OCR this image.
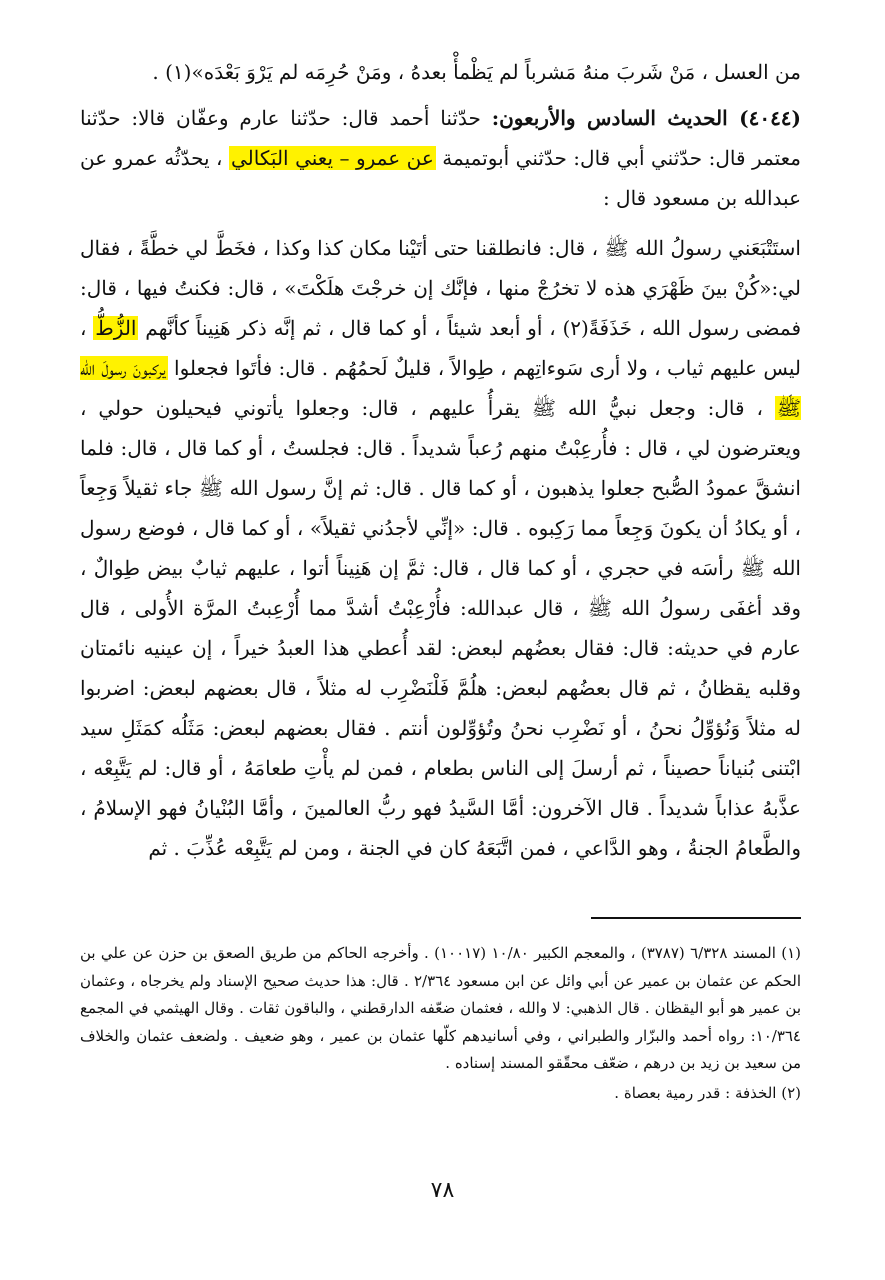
من العسل ، مَنْ شَربَ منهُ مَشرباً لم يَظْمأْ بعدهُ ، ومَنْ حُرِمَه لم يَرْوَ بَعْدَه»(١) .

(٤٠٤٤) الحديث السادس والأربعون: حدّثنا أحمد قال: حدّثنا عارم وعفّان قالا: حدّثنا معتمر قال: حدّثني أبي قال: حدّثني أبوتميمة عن عمرو – يعني البَكالي ، يحدّثُه عمرو عن عبدالله بن مسعود قال :

استَتْبَعَني رسولُ الله ﷺ ، قال: فانطلقنا حتى أتَيْنا مكان كذا وكذا ، فخَطَّ لي خطَّةً ، فقال لي:«كُنْ بينَ ظَهْرَي هذه لا تخرُجْ منها ، فإنَّك إن خرجْتَ هلَكْتَ» ، قال: فكنتُ فيها ، قال: فمضى رسول الله ، خَذَفَةً(٢) ، أو أبعد شيئاً ، أو كما قال ، ثم إنَّه ذكر هَنِيناً كأنَّهم الزُّطُّ ، ليس عليهم ثياب ، ولا أرى سَوءاتِهم ، طِوالاً ، قليلٌ لَحمُهُم . قال: فأتَوا فجعلوا يركبونَ رسولَ الله ﷺ ، قال: وجعل نبيُّ الله ﷺ يقرأُ عليهم ، قال: وجعلوا يأتوني فيحيلون حولي ، ويعترضون لي ، قال : فأُرعِبْتُ منهم رُعباً شديداً . قال: فجلستُ ، أو كما قال ، قال: فلما انشقَّ عمودُ الصُّبح جعلوا يذهبون ، أو كما قال . قال: ثم إنَّ رسول الله ﷺ جاء ثقيلاً وَجِعاً ، أو يكادُ أن يكونَ وَجِعاً مما رَكِبوه . قال: «إنِّي لأجدُني ثقيلاً» ، أو كما قال ، فوضع رسول الله ﷺ رأسَه في حجري ، أو كما قال ، قال: ثمَّ إن هَنِيناً أتوا ، عليهم ثيابٌ بيض طِوالٌ ، وقد أغفَى رسولُ الله ﷺ ، قال عبدالله: فأُرْعِبْتُ أشدَّ مما أُرْعِبتُ المرَّة الأُولى ، قال عارم في حديثه: قال: فقال بعضُهم لبعض: لقد أُعطي هذا العبدُ خيراً ، إن عينيه نائمتان وقلبه يقظانُ ، ثم قال بعضُهم لبعض: هلُمَّ فَلْنَضْرِب له مثلاً ، قال بعضهم لبعض: اضربوا له مثلاً وَنُؤوِّلُ نحنُ ، أو نَضْرِب نحنُ وتُؤوِّلون أنتم . فقال بعضهم لبعض: مَثَلُه كمَثَلِ سيد ابْتنى بُنياناً حصيناً ، ثم أرسلَ إلى الناس بطعام ، فمن لم يأْتِ طعامَهُ ، أو قال: لم يَتَّبِعْه ، عذَّبهُ عذاباً شديداً . قال الآخرون: أمَّا السَّيدُ فهو ربُّ العالمينَ ، وأمَّا البُنْيانُ فهو الإسلامُ ، والطَّعامُ الجنةُ ، وهو الدَّاعي ، فمن اتَّبَعَهُ كان في الجنة ، ومن لم يَتَّبِعْه عُذِّبَ . ثم

(١) المسند ٦/٣٢٨ (٣٧٨٧) ، والمعجم الكبير ١٠/٨٠ (١٠٠١٧) . وأخرجه الحاكم من طريق الصعق بن حزن عن علي بن الحكم عن عثمان بن عمير عن أبي وائل عن ابن مسعود ٢/٣٦٤ . قال: هذا حديث صحيح الإسناد ولم يخرجاه ، وعثمان بن عمير هو أبو اليقظان . قال الذهبي: لا والله ، فعثمان ضعّفه الدارقطني ، والباقون ثقات . وقال الهيثمي في المجمع ١٠/٣٦٤: رواه أحمد والبزّار والطبراني ، وفي أسانيدهم كلّها عثمان بن عمير ، وهو ضعيف . ولضعف عثمان والخلاف من سعيد بن زيد بن درهم ، ضعّف محقّقو المسند إسناده .

(٢) الخذفة : قدر رمية بعصاة .

٧٨
